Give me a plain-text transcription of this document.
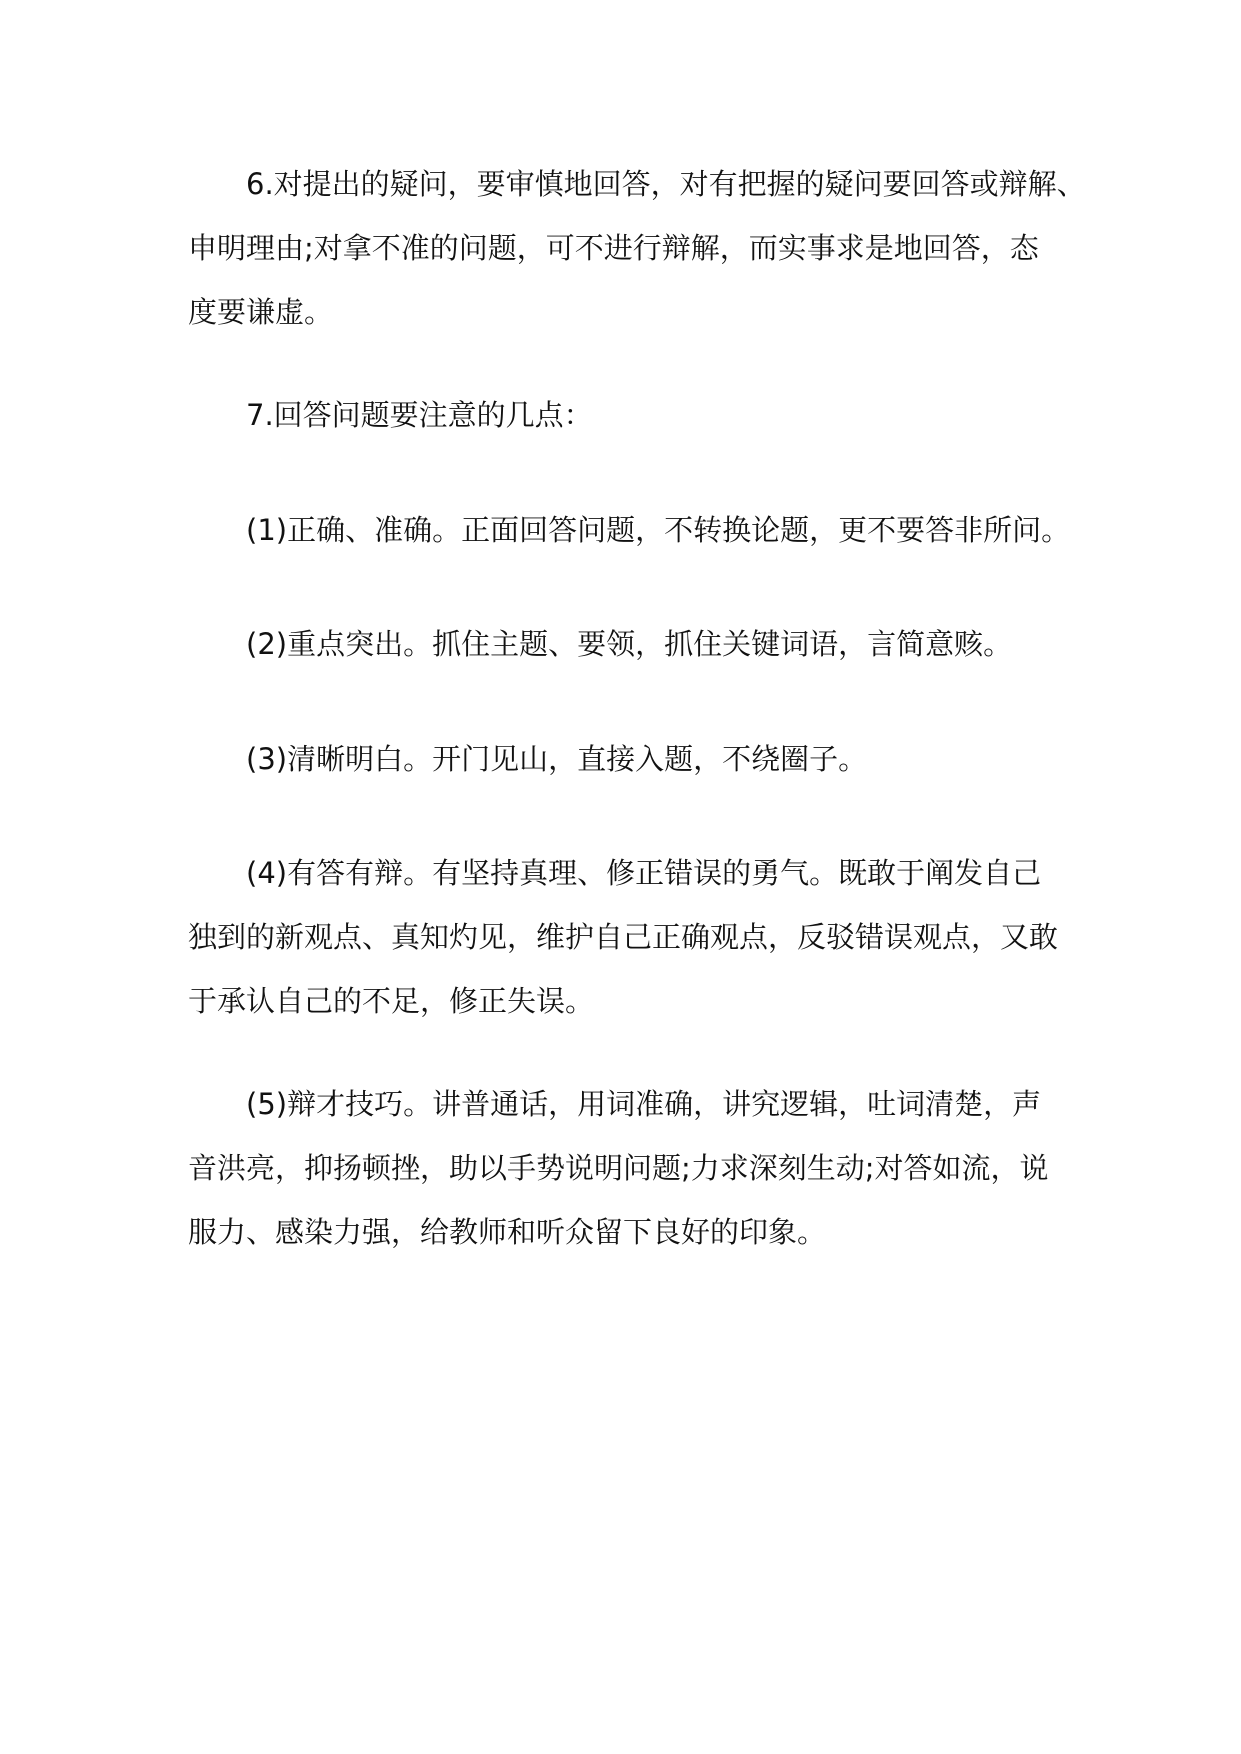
6.对提出的疑问，要审慎地回答，对有把握的疑问要回答或辩解、
申明理由;对拿不准的问题，可不进行辩解，而实事求是地回答，态
度要谦虚。
7.回答问题要注意的几点：
(1)正确、准确。正面回答问题，不转换论题，更不要答非所问。
(2)重点突出。抓住主题、要领，抓住关键词语，言简意赅。
(3)清晰明白。开门见山，直接入题，不绕圈子。
(4)有答有辩。有坚持真理、修正错误的勇气。既敢于阐发自己
独到的新观点、真知灼见，维护自己正确观点，反驳错误观点，又敢
于承认自己的不足，修正失误。
(5)辩才技巧。讲普通话，用词准确，讲究逻辑，吐词清楚，声
音洪亮，抑扬顿挫，助以手势说明问题;力求深刻生动;对答如流，说
服力、感染力强，给教师和听众留下良好的印象。
